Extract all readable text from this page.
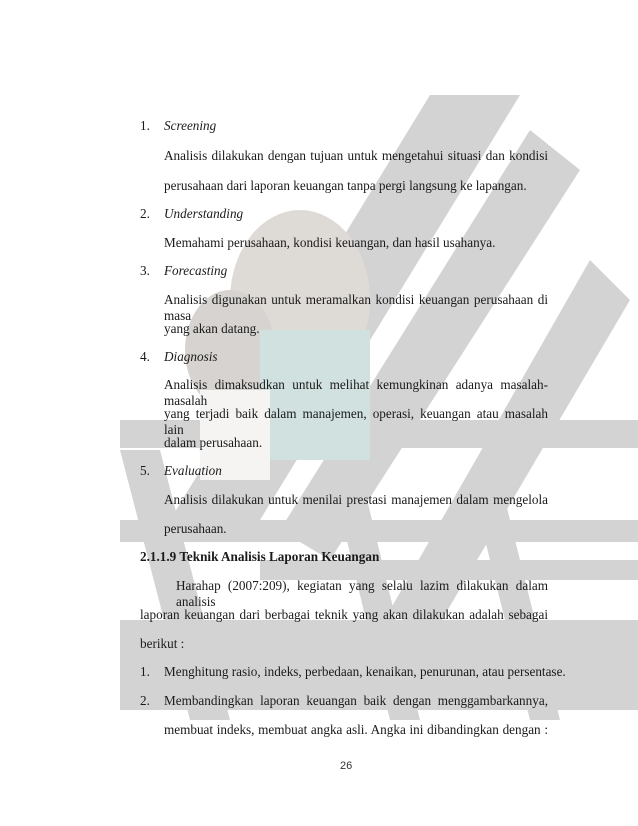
1. Screening
Analisis dilakukan dengan tujuan untuk mengetahui situasi dan kondisi
perusahaan dari laporan keuangan tanpa pergi langsung ke lapangan.
2. Understanding
Memahami perusahaan, kondisi keuangan, dan hasil usahanya.
3. Forecasting
Analisis digunakan untuk meramalkan kondisi keuangan perusahaan di masa
yang akan datang.
4. Diagnosis
Analisis dimaksudkan untuk melihat kemungkinan adanya masalah-masalah
yang terjadi baik dalam manajemen, operasi, keuangan atau masalah lain
dalam perusahaan.
5. Evaluation
Analisis dilakukan untuk menilai prestasi manajemen dalam mengelola
perusahaan.
2.1.1.9 Teknik Analisis Laporan Keuangan
Harahap (2007:209), kegiatan yang selalu lazim dilakukan dalam analisis
laporan keuangan dari berbagai teknik yang akan dilakukan adalah sebagai
berikut :
1. Menghitung rasio, indeks, perbedaan, kenaikan, penurunan, atau persentase.
2. Membandingkan laporan keuangan baik dengan menggambarkannya,
membuat indeks, membuat angka asli. Angka ini dibandingkan dengan :
26
